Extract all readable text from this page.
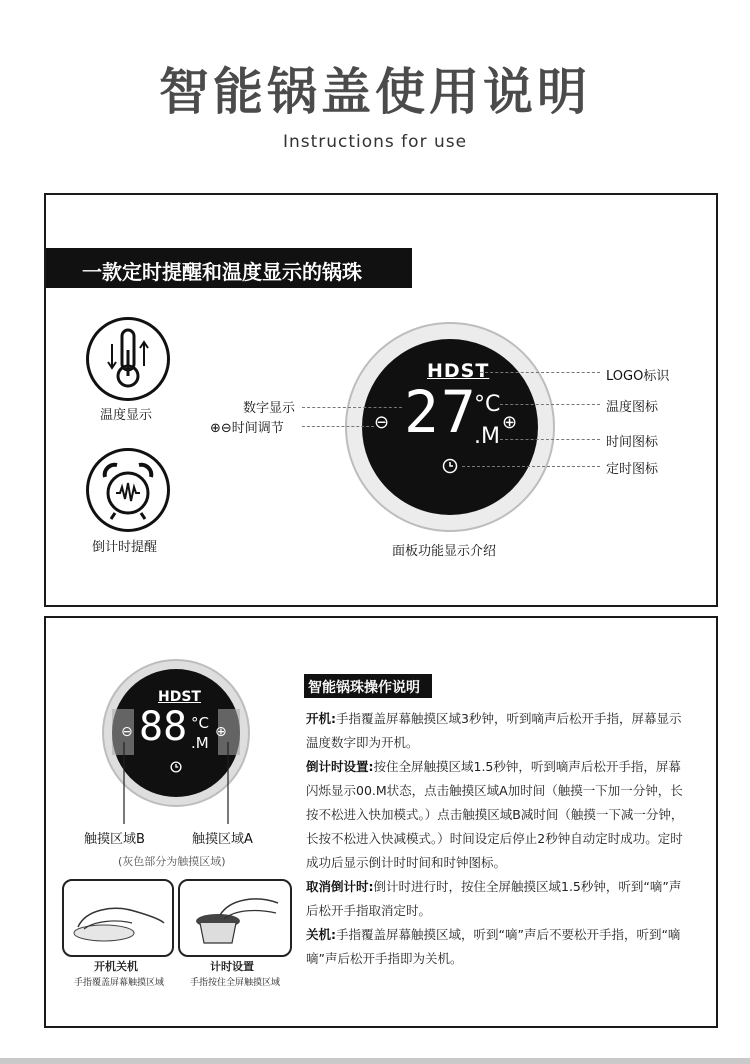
智能锅盖使用说明
Instructions for use
一款定时提醒和温度显示的锅珠
温度显示
倒计时提醒
HDST
27
°C
.M
⊖	⊕
数字显示
⊕⊖时间调节
LOGO标识
温度图标
时间图标
定时图标
面板功能显示介绍
HDST
88 °C
.M
⊖	⊕
触摸区域B	触摸区域A
(灰色部分为触摸区域)
开机关机
手指覆盖屏幕触摸区域
计时设置
手指按住全屏触摸区域
智能锅珠操作说明
开机:手指覆盖屏幕触摸区域3秒钟，听到嘀声后松开手指，屏幕显示温度数字即为开机。
倒计时设置:按住全屏触摸区域1.5秒钟，听到嘀声后松开手指，屏幕闪烁显示00.M状态，点击触摸区域A加时间（触摸一下加一分钟，长按不松进入快加模式。）点击触摸区域B减时间（触摸一下减一分钟，长按不松进入快减模式。）时间设定后停止2秒钟自动定时成功。定时成功后显示倒计时时间和时钟图标。
取消倒计时:倒计时进行时，按住全屏触摸区域1.5秒钟，听到“嘀”声后松开手指取消定时。
关机:手指覆盖屏幕触摸区域，听到“嘀”声后不要松开手指，听到“嘀嘀”声后松开手指即为关机。
